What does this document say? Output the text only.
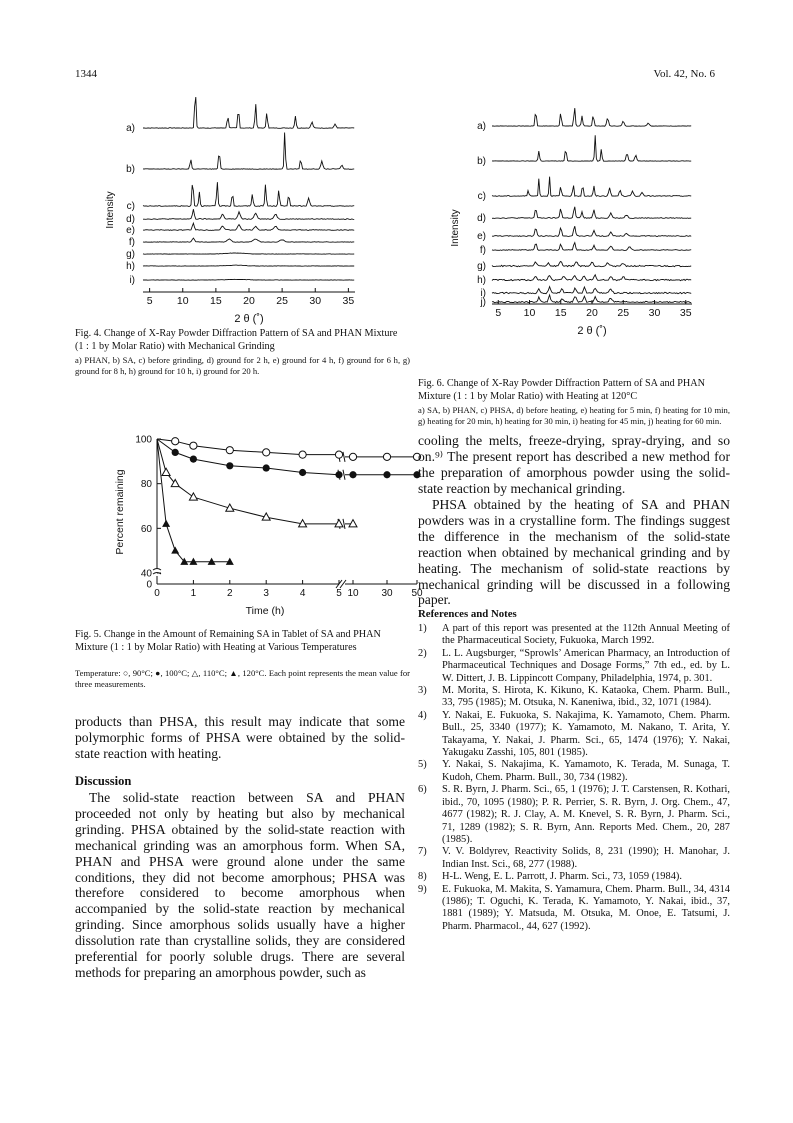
1344	Vol. 42, No. 6
a)
b)
c)
d)
e)
f)
g)
h)
i)
5 10 15 20 25 30 35
2 θ (˚)
Intensity
Fig. 4. Change of X-Ray Powder Diffraction Pattern of SA and PHAN Mixture (1 : 1 by Molar Ratio) with Mechanical Grinding
a) PHAN, b) SA, c) before grinding, d) ground for 2 h, e) ground for 4 h, f) ground for 6 h, g) ground for 8 h, h) ground for 10 h, i) ground for 20 h.
a)
b)
c)
d)
e)
f)
g)
h)
i)
j)
5 10 15 20 25 30 35
2 θ (˚)
Intensity
Fig. 6. Change of X-Ray Powder Diffraction Pattern of SA and PHAN Mixture (1 : 1 by Molar Ratio) with Heating at 120°C
a) SA, b) PHAN, c) PHSA, d) before heating, e) heating for 5 min, f) heating for 10 min, g) heating for 20 min, h) heating for 30 min, i) heating for 45 min, j) heating for 60 min.
0
40
60
80
100
0	1	2	3	4	5 10 30 50
Time (h)
Percent remaining
Fig. 5. Change in the Amount of Remaining SA in Tablet of SA and PHAN Mixture (1 : 1 by Molar Ratio) with Heating at Various Temperatures
Temperature: ○, 90°C; ●, 100°C; △, 110°C; ▲, 120°C. Each point represents the mean value for three measurements.
products than PHSA, this result may indicate that some polymorphic forms of PHSA were obtained by the solid-state reaction with heating.
Discussion
The solid-state reaction between SA and PHAN proceeded not only by heating but also by mechanical grinding. PHSA obtained by the solid-state reaction with mechanical grinding was an amorphous form. When SA, PHAN and PHSA were ground alone under the same conditions, they did not become amorphous; PHSA was therefore considered to become amorphous when accompanied by the solid-state reaction by mechanical grinding. Since amorphous solids usually have a higher dissolution rate than crystalline solids, they are considered preferential for poorly soluble drugs. There are several methods for preparing an amorphous powder, such as
cooling the melts, freeze-drying, spray-drying, and so on.⁹⁾ The present report has described a new method for the preparation of amorphous powder using the solid-state reaction by mechanical grinding.
PHSA obtained by the heating of SA and PHAN powders was in a crystalline form. The findings suggest the difference in the mechanism of the solid-state reaction when obtained by mechanical grinding and by heating. The mechanism of solid-state reactions by mechanical grinding will be discussed in a following paper.
References and Notes
1) A part of this report was presented at the 112th Annual Meeting of the Pharmaceutical Society, Fukuoka, March 1992.
2) L. L. Augsburger, “Sprowls’ American Pharmacy, an Introduction of Pharmaceutical Techniques and Dosage Forms,” 7th ed., ed. by L. W. Dittert, J. B. Lippincott Company, Philadelphia, 1974, p. 301.
3) M. Morita, S. Hirota, K. Kikuno, K. Kataoka, Chem. Pharm. Bull., 33, 795 (1985); M. Otsuka, N. Kaneniwa, ibid., 32, 1071 (1984).
4) Y. Nakai, E. Fukuoka, S. Nakajima, K. Yamamoto, Chem. Pharm. Bull., 25, 3340 (1977); K. Yamamoto, M. Nakano, T. Arita, Y. Takayama, Y. Nakai, J. Pharm. Sci., 65, 1474 (1976); Y. Nakai, Yakugaku Zasshi, 105, 801 (1985).
5) Y. Nakai, S. Nakajima, K. Yamamoto, K. Terada, M. Sunaga, T. Kudoh, Chem. Pharm. Bull., 30, 734 (1982).
6) S. R. Byrn, J. Pharm. Sci., 65, 1 (1976); J. T. Carstensen, R. Kothari, ibid., 70, 1095 (1980); P. R. Perrier, S. R. Byrn, J. Org. Chem., 47, 4677 (1982); R. J. Clay, A. M. Knevel, S. R. Byrn, J. Pharm. Sci., 71, 1289 (1982); S. R. Byrn, Ann. Reports Med. Chem., 20, 287 (1985).
7) V. V. Boldyrev, Reactivity Solids, 8, 231 (1990); H. Manohar, J. Indian Inst. Sci., 68, 277 (1988).
8) H-L. Weng, E. L. Parrott, J. Pharm. Sci., 73, 1059 (1984).
9) E. Fukuoka, M. Makita, S. Yamamura, Chem. Pharm. Bull., 34, 4314 (1986); T. Oguchi, K. Terada, K. Yamamoto, Y. Nakai, ibid., 37, 1881 (1989); Y. Matsuda, M. Otsuka, M. Onoe, E. Tatsumi, J. Pharm. Pharmacol., 44, 627 (1992).
